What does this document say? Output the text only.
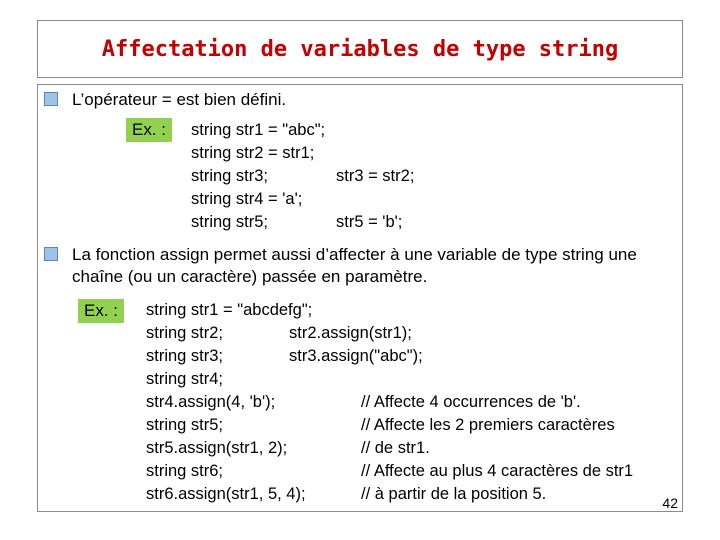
Affectation de variables de type string
L’opérateur = est bien défini.
Ex. :	string str1 = "abc";
string str2 = str1;
string str3;	str3 = str2;
string str4 = 'a';
string str5;	str5 = 'b';
La fonction assign permet aussi d’affecter à une variable de type string une
chaîne (ou un caractère) passée en paramètre.
Ex. :	string str1 = "abcdefg";
string str2;	str2.assign(str1);
string str3;	str3.assign("abc");
string str4;
str4.assign(4, 'b');	// Affecte 4 occurrences de 'b'.
string str5;	// Affecte les 2 premiers caractères
str5.assign(str1, 2);	// de str1.
string str6;	// Affecte au plus 4 caractères de str1
str6.assign(str1, 5, 4);	// à partir de la position 5.	42
